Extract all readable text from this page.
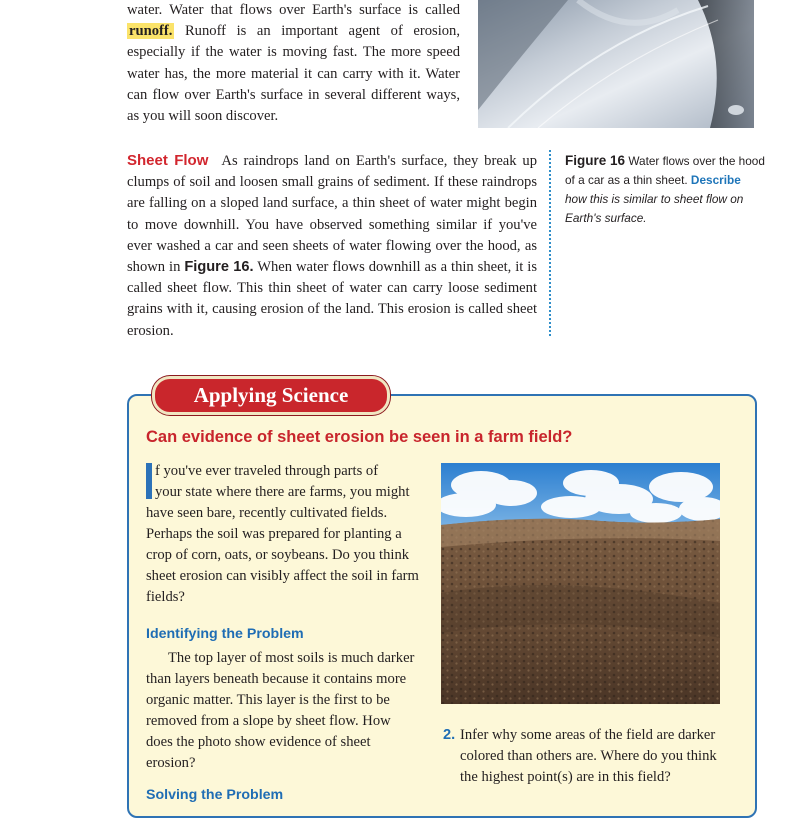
water. Water that flows over Earth's surface is called runoff. Runoff is an important agent of erosion, especially if the water is moving fast. The more speed water has, the more material it can carry with it. Water can flow over Earth's surface in several different ways, as you will soon discover.

Sheet Flow As raindrops land on Earth's surface, they break up clumps of soil and loosen small grains of sediment. If these raindrops are falling on a sloped land surface, a thin sheet of water might begin to move downhill. You have observed something similar if you've ever washed a car and seen sheets of water flowing over the hood, as shown in Figure 16. When water flows downhill as a thin sheet, it is called sheet flow. This thin sheet of water can carry loose sediment grains with it, causing erosion of the land. This erosion is called sheet erosion.

Figure 16 Water flows over the hood of a car as a thin sheet. Describe how this is similar to sheet flow on Earth's surface.
Applying Science

Can evidence of sheet erosion be seen in a farm field?

f you've ever traveled through parts of
your state where there are farms, you might have seen bare, recently cultivated fields. Perhaps the soil was prepared for planting a crop of corn, oats, or soybeans. Do you think sheet erosion can visibly affect the soil in farm fields?

Identifying the Problem

The top layer of most soils is much darker than layers beneath because it contains more organic matter. This layer is the first to be removed from a slope by sheet flow. How does the photo show evidence of sheet erosion?

Solving the Problem

2. Infer why some areas of the field are darker colored than others are. Where do you think the highest point(s) are in this field?
